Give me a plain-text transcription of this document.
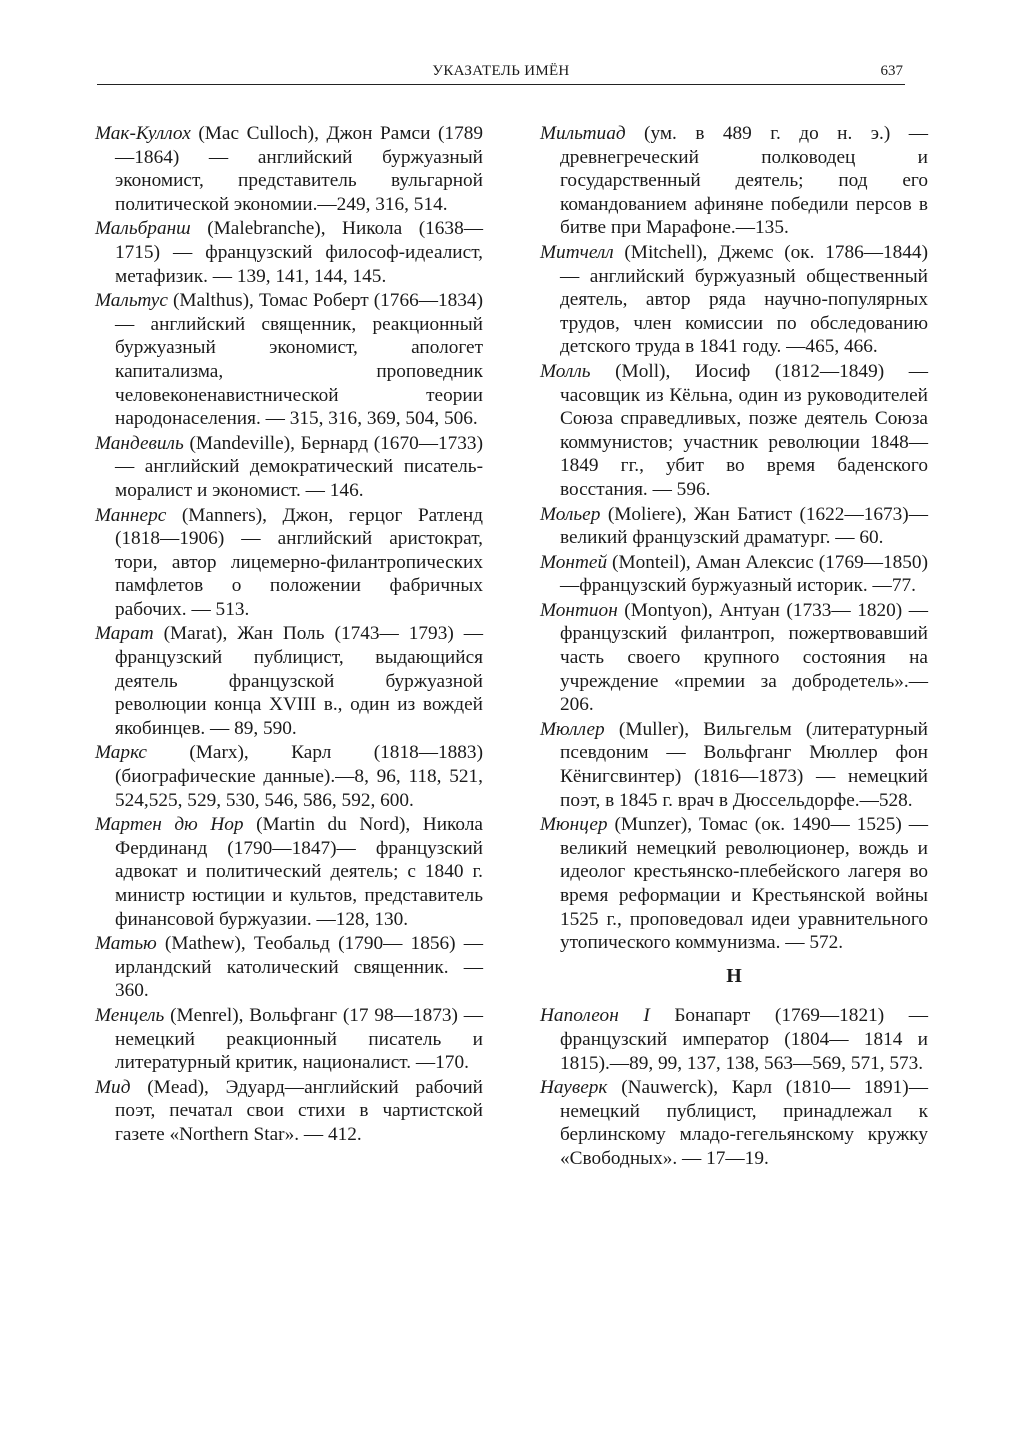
УКАЗАТЕЛЬ ИМЁН	637

Мак-Куллох (Mac Culloch), Джон Рамси (1789—1864) — английский буржуазный экономист, представитель вульгарной политической экономии.—249, 316, 514.

Мальбранш (Malebranche), Никола (1638—1715) — французский философ-идеалист, метафизик. — 139, 141, 144, 145.

Мальтус (Malthus), Томас Роберт (1766—1834) — английский священник, реакционный буржуазный экономист, апологет капитализма, проповедник человеконенавистнической теории народонаселения. — 315, 316, 369, 504, 506.

Мандевиль (Mandeville), Бернард (1670—1733) — английский демократический писатель-моралист и экономист. — 146.

Маннерс (Manners), Джон, герцог Ратленд (1818—1906) — английский аристократ, тори, автор лицемерно-филантропических памфлетов о положении фабричных рабочих. — 513.

Марат (Marat), Жан Поль (1743— 1793) — французский публицист, выдающийся деятель французской буржуазной революции конца XVIII в., один из вождей якобинцев. — 89, 590.

Маркс (Marx), Карл (1818—1883) (биографические данные).—8, 96, 118, 521, 524,525, 529, 530, 546, 586, 592, 600.

Мартен дю Нор (Martin du Nord), Никола Фердинанд (1790—1847)— французский адвокат и политический деятель; с 1840 г. министр юстиции и культов, представитель финансовой буржуазии. —128, 130.

Матью (Mathew), Теобальд (1790— 1856) — ирландский католический священник. — 360.

Менцель (Menrel), Вольфганг (17 98—1873) — немецкий реакционный писатель и литературный критик, националист. —170.

Мид (Mead), Эдуард—английский рабочий поэт, печатал свои стихи в чартистской газете «Northern Star». — 412.

Мильтиад (ум. в 489 г. до н. э.) — древнегреческий полководец и государственный деятель; под его командованием афиняне победили персов в битве при Марафоне.—135.

Митчелл (Mitchell), Джемс (ок. 1786—1844) — английский буржуазный общественный деятель, автор ряда научно-популярных трудов, член комиссии по обследованию детского труда в 1841 году. —465, 466.

Молль (Moll), Иосиф (1812—1849) — часовщик из Кёльна, один из руководителей Союза справедливых, позже деятель Союза коммунистов; участник революции 1848—1849 гг., убит во время баденского восстания. — 596.

Мольер (Moliere), Жан Батист (1622—1673)—великий французский драматург. — 60.

Монтей (Monteil), Аман Алексис (1769—1850)—французский буржуазный историк. —77.

Монтион (Montyon), Антуан (1733— 1820) — французский филантроп, пожертвовавший часть своего крупного состояния на учреждение «премии за добродетель».—206.

Мюллер (Muller), Вильгельм (литературный псевдоним — Вольфганг Мюллер фон Кёнигсвинтер) (1816—1873) — немецкий поэт, в 1845 г. врач в Дюссельдорфе.—528.

Мюнцер (Munzer), Томас (ок. 1490— 1525) — великий немецкий революционер, вождь и идеолог крестьянско-плебейского лагеря во время реформации и Крестьянской войны 1525 г., проповедовал идеи уравнительного утопического коммунизма. — 572.

Н

Наполеон I Бонапарт (1769—1821) — французский император (1804— 1814 и 1815).—89, 99, 137, 138, 563—569, 571, 573.

Науверк (Nauwerck), Карл (1810— 1891)— немецкий публицист, принадлежал к берлинскому младо-гегельянскому кружку «Свободных». — 17—19.
